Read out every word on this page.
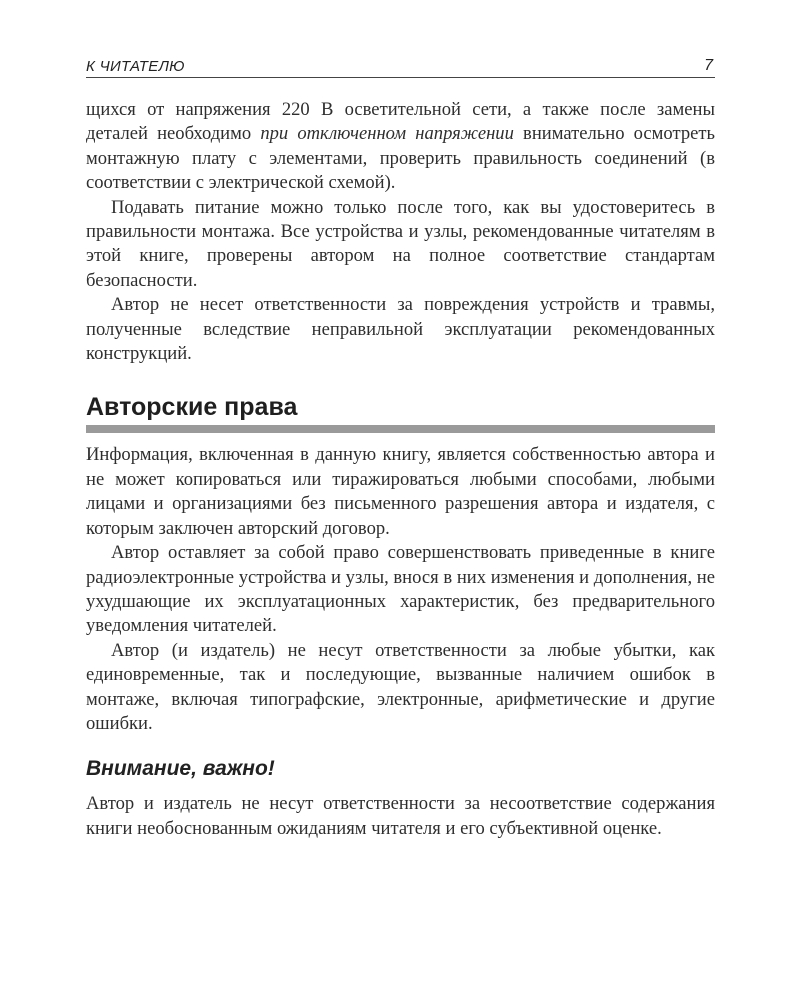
К ЧИТАТЕЛЮ	7

щихся от напряжения 220 В осветительной сети, а также после замены деталей необходимо при отключенном напряжении внимательно осмотреть монтажную плату с элементами, проверить правильность соединений (в соответствии с электрической схемой).

Подавать питание можно только после того, как вы удостоверитесь в правильности монтажа. Все устройства и узлы, рекомендованные читателям в этой книге, проверены автором на полное соответствие стандартам безопасности.

Автор не несет ответственности за повреждения устройств и травмы, полученные вследствие неправильной эксплуатации рекомендованных конструкций.

Авторские права

Информация, включенная в данную книгу, является собственностью автора и не может копироваться или тиражироваться любыми способами, любыми лицами и организациями без письменного разрешения автора и издателя, с которым заключен авторский договор.

Автор оставляет за собой право совершенствовать приведенные в книге радиоэлектронные устройства и узлы, внося в них изменения и дополнения, не ухудшающие их эксплуатационных характеристик, без предварительного уведомления читателей.

Автор (и издатель) не несут ответственности за любые убытки, как единовременные, так и последующие, вызванные наличием ошибок в монтаже, включая типографские, электронные, арифметические и другие ошибки.

Внимание, важно!

Автор и издатель не несут ответственности за несоответствие содержания книги необоснованным ожиданиям читателя и его субъективной оценке.
